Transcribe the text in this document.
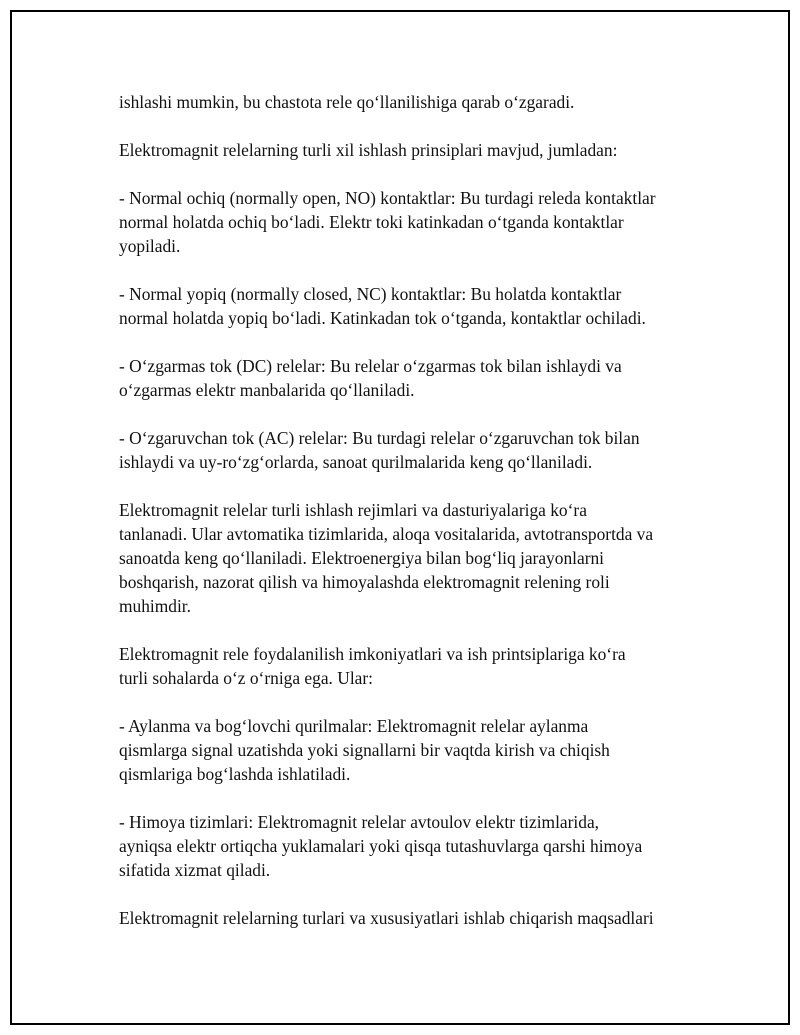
ishlashi mumkin, bu chastota rele qo‘llanilishiga qarab o‘zgaradi.

Elektromagnit relelarning turli xil ishlash prinsiplari mavjud, jumladan:

- Normal ochiq (normally open, NO) kontaktlar: Bu turdagi releda kontaktlar
normal holatda ochiq bo‘ladi. Elektr toki katinkadan o‘tganda kontaktlar
yopiladi.

- Normal yopiq (normally closed, NC) kontaktlar: Bu holatda kontaktlar
normal holatda yopiq bo‘ladi. Katinkadan tok o‘tganda, kontaktlar ochiladi.

- O‘zgarmas tok (DC) relelar: Bu relelar o‘zgarmas tok bilan ishlaydi va
o‘zgarmas elektr manbalarida qo‘llaniladi.

- O‘zgaruvchan tok (AC) relelar: Bu turdagi relelar o‘zgaruvchan tok bilan
ishlaydi va uy-ro‘zg‘orlarda, sanoat qurilmalarida keng qo‘llaniladi.

Elektromagnit relelar turli ishlash rejimlari va dasturiyalariga ko‘ra
tanlanadi. Ular avtomatika tizimlarida, aloqa vositalarida, avtotransportda va
sanoatda keng qo‘llaniladi. Elektroenergiya bilan bog‘liq jarayonlarni
boshqarish, nazorat qilish va himoyalashda elektromagnit relening roli
muhimdir.

Elektromagnit rele foydalanilish imkoniyatlari va ish printsiplariga ko‘ra
turli sohalarda o‘z o‘rniga ega. Ular:

- Aylanma va bog‘lovchi qurilmalar: Elektromagnit relelar aylanma
qismlarga signal uzatishda yoki signallarni bir vaqtda kirish va chiqish
qismlariga bog‘lashda ishlatiladi.

- Himoya tizimlari: Elektromagnit relelar avtoulov elektr tizimlarida,
ayniqsa elektr ortiqcha yuklamalari yoki qisqa tutashuvlarga qarshi himoya
sifatida xizmat qiladi.

Elektromagnit relelarning turlari va xususiyatlari ishlab chiqarish maqsadlari
